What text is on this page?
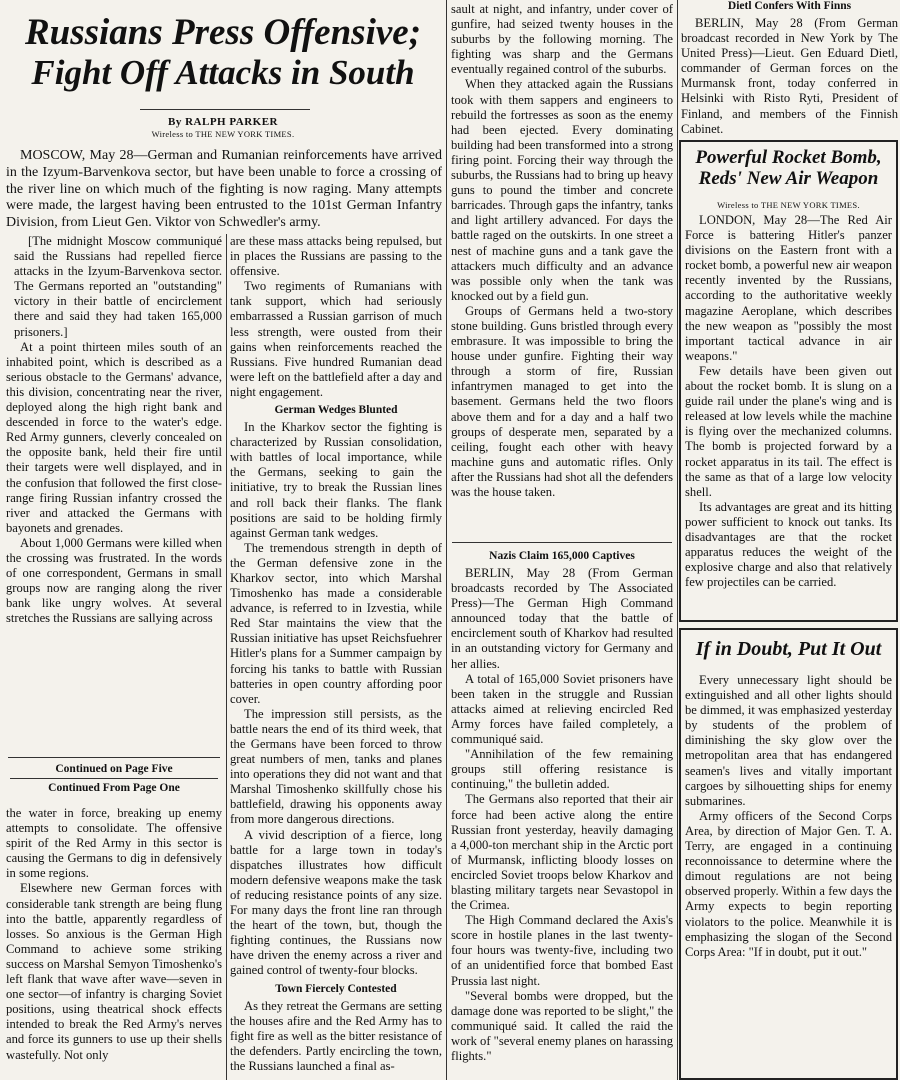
Russians Press Offensive;
Fight Off Attacks in South

By RALPH PARKER

Wireless to THE NEW YORK TIMES.

MOSCOW, May 28—German and Rumanian reinforcements have arrived in the Izyum-Barvenkova sector, but have been unable to force a crossing of the river line on which much of the fighting is now raging. Many attempts were made, the largest having been entrusted to the 101st German Infantry Division, from Lieut Gen. Viktor von Schwedler's army.

[The midnight Moscow communiqué said the Russians had repelled fierce attacks in the Izyum-Barvenkova sector. The Germans reported an "outstanding" victory in their battle of encirclement there and said they had taken 165,000 prisoners.]

At a point thirteen miles south of an inhabited point, which is described as a serious obstacle to the Germans' advance, this division, concentrating near the river, deployed along the high right bank and descended in force to the water's edge. Red Army gunners, cleverly concealed on the opposite bank, held their fire until their targets were well displayed, and in the confusion that followed the first close-range firing Russian infantry crossed the river and attacked the Germans with bayonets and grenades.

About 1,000 Germans were killed when the crossing was frustrated. In the words of one correspondent, Germans in small groups now are ranging along the river bank like ungry wolves. At several stretches the Russians are sallying across

Continued on Page Five

Continued From Page One

the water in force, breaking up enemy attempts to consolidate. The offensive spirit of the Red Army in this sector is causing the Germans to dig in defensively in some regions.

Elsewhere new German forces with considerable tank strength are being flung into the battle, apparently regardless of losses. So anxious is the German High Command to achieve some striking success on Marshal Semyon Timoshenko's left flank that wave after wave—seven in one sector—of infantry is charging Soviet positions, using theatrical shock effects intended to break the Red Army's nerves and force its gunners to use up their shells wastefully. Not only

are these mass attacks being repulsed, but in places the Russians are passing to the offensive.

Two regiments of Rumanians with tank support, which had seriously embarrassed a Russian garrison of much less strength, were ousted from their gains when reinforcements reached the Russians. Five hundred Rumanian dead were left on the battlefield after a day and night engagement.

German Wedges Blunted

In the Kharkov sector the fighting is characterized by Russian consolidation, with battles of local importance, while the Germans, seeking to gain the initiative, try to break the Russian lines and roll back their flanks. The flank positions are said to be holding firmly against German tank wedges.

The tremendous strength in depth of the German defensive zone in the Kharkov sector, into which Marshal Timoshenko has made a considerable advance, is referred to in Izvestia, while Red Star maintains the view that the Russian initiative has upset Reichsfuehrer Hitler's plans for a Summer campaign by forcing his tanks to battle with Russian batteries in open country affording poor cover.

The impression still persists, as the battle nears the end of its third week, that the Germans have been forced to throw great numbers of men, tanks and planes into operations they did not want and that Marshal Timoshenko skillfully chose his battlefield, drawing his opponents away from more dangerous directions.

A vivid description of a fierce, long battle for a large town in today's dispatches illustrates how difficult modern defensive weapons make the task of reducing resistance points of any size. For many days the front line ran through the heart of the town, but, though the fighting continues, the Russians now have driven the enemy across a river and gained control of twenty-four blocks.

Town Fiercely Contested

As they retreat the Germans are setting the houses afire and the Red Army has to fight fire as well as the bitter resistance of the defenders. Partly encircling the town, the Russians launched a final as-

sault at night, and infantry, under cover of gunfire, had seized twenty houses in the suburbs by the following morning. The fighting was sharp and the Germans eventually regained control of the suburbs.

When they attacked again the Russians took with them sappers and engineers to rebuild the fortresses as soon as the enemy had been ejected. Every dominating building had been transformed into a strong firing point. Forcing their way through the suburbs, the Russians had to bring up heavy guns to pound the timber and concrete barricades. Through gaps the infantry, tanks and light artillery advanced. For days the battle raged on the outskirts. In one street a nest of machine guns and a tank gave the attackers much difficulty and an advance was possible only when the tank was knocked out by a field gun.

Groups of Germans held a two-story stone building. Guns bristled through every embrasure. It was impossible to bring the house under gunfire. Fighting their way through a storm of fire, Russian infantrymen managed to get into the basement. Germans held the two floors above them and for a day and a half two groups of desperate men, separated by a ceiling, fought each other with heavy machine guns and automatic rifles. Only after the Russians had shot all the defenders was the house taken.

Nazis Claim 165,000 Captives

BERLIN, May 28 (From German broadcasts recorded by The Associated Press)—The German High Command announced today that the battle of encirclement south of Kharkov had resulted in an outstanding victory for Germany and her allies.

A total of 165,000 Soviet prisoners have been taken in the struggle and Russian attacks aimed at relieving encircled Red Army forces have failed completely, a communiqué said.

"Annihilation of the few remaining groups still offering resistance is continuing," the bulletin added.

The Germans also reported that their air force had been active along the entire Russian front yesterday, heavily damaging a 4,000-ton merchant ship in the Arctic port of Murmansk, inflicting bloody losses on encircled Soviet troops below Kharkov and blasting military targets near Sevastopol in the Crimea.

The High Command declared the Axis's score in hostile planes in the last twenty-four hours was twenty-five, including two of an unidentified force that bombed East Prussia last night.

"Several bombs were dropped, but the damage done was reported to be slight," the communiqué said. It called the raid the work of "several enemy planes on harassing flights."

Dietl Confers With Finns

BERLIN, May 28 (From German broadcast recorded in New York by The United Press)—Lieut. Gen Eduard Dietl, commander of German forces on the Murmansk front, today conferred in Helsinki with Risto Ryti, President of Finland, and members of the Finnish Cabinet.

Powerful Rocket Bomb,
Reds' New Air Weapon

Wireless to THE NEW YORK TIMES.

LONDON, May 28—The Red Air Force is battering Hitler's panzer divisions on the Eastern front with a rocket bomb, a powerful new air weapon recently invented by the Russians, according to the authoritative weekly magazine Aeroplane, which describes the new weapon as "possibly the most important tactical advance in air weapons."

Few details have been given out about the rocket bomb. It is slung on a guide rail under the plane's wing and is released at low levels while the machine is flying over the mechanized columns. The bomb is projected forward by a rocket apparatus in its tail. The effect is the same as that of a large low velocity shell.

Its advantages are great and its hitting power sufficient to knock out tanks. Its disadvantages are that the rocket apparatus reduces the weight of the explosive charge and also that relatively few projectiles can be carried.

If in Doubt, Put It Out

Every unnecessary light should be extinguished and all other lights should be dimmed, it was emphasized yesterday by students of the problem of diminishing the sky glow over the metropolitan area that has endangered seamen's lives and vitally important cargoes by silhouetting ships for enemy submarines.

Army officers of the Second Corps Area, by direction of Major Gen. T. A. Terry, are engaged in a continuing reconnoissance to determine where the dimout regulations are not being observed properly. Within a few days the Army expects to begin reporting violators to the police. Meanwhile it is emphasizing the slogan of the Second Corps Area: "If in doubt, put it out."
